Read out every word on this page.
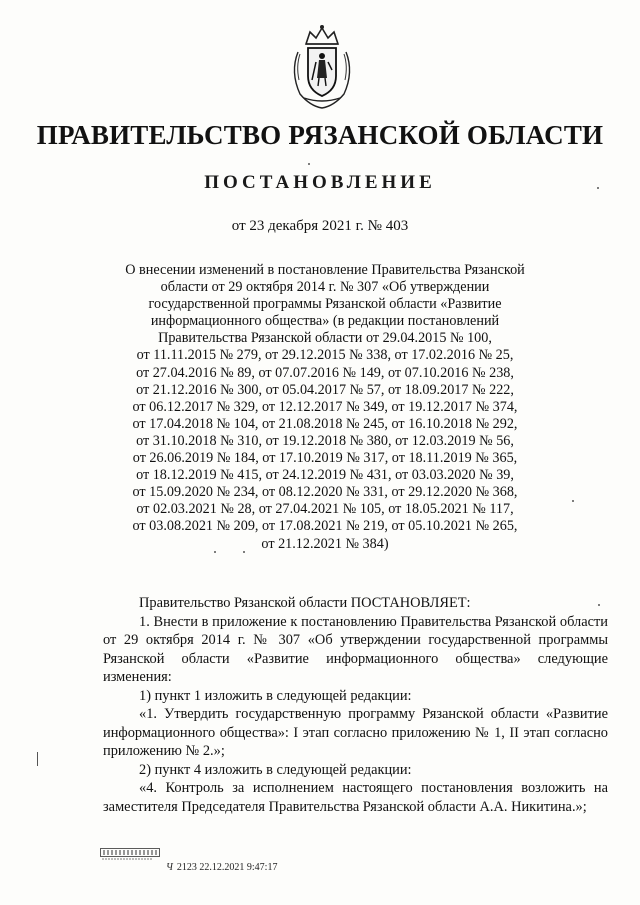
ПРАВИТЕЛЬСТВО РЯЗАНСКОЙ ОБЛАСТИ
ПОСТАНОВЛЕНИЕ
от 23 декабря 2021 г. № 403
О внесении изменений в постановление Правительства Рязанской
области от 29 октября 2014 г. № 307 «Об утверждении
государственной программы Рязанской области «Развитие
информационного общества» (в редакции постановлений
Правительства Рязанской области от 29.04.2015 № 100,
от 11.11.2015 № 279, от 29.12.2015 № 338, от 17.02.2016 № 25,
от 27.04.2016 № 89, от 07.07.2016 № 149, от 07.10.2016 № 238,
от 21.12.2016 № 300, от 05.04.2017 № 57, от 18.09.2017 № 222,
от 06.12.2017 № 329, от 12.12.2017 № 349, от 19.12.2017 № 374,
от 17.04.2018 № 104, от 21.08.2018 № 245, от 16.10.2018 № 292,
от 31.10.2018 № 310, от 19.12.2018 № 380, от 12.03.2019 № 56,
от 26.06.2019 № 184, от 17.10.2019 № 317, от 18.11.2019 № 365,
от 18.12.2019 № 415, от 24.12.2019 № 431, от 03.03.2020 № 39,
от 15.09.2020 № 234, от 08.12.2020 № 331, от 29.12.2020 № 368,
от 02.03.2021 № 28, от 27.04.2021 № 105, от 18.05.2021 № 117,
от 03.08.2021 № 209, от 17.08.2021 № 219, от 05.10.2021 № 265,
от 21.12.2021 № 384)

Правительство Рязанской области ПОСТАНОВЛЯЕТ:

1. Внести в приложение к постановлению Правительства Рязанской области от 29 октября 2014 г. № 307 «Об утверждении государственной программы Рязанской области «Развитие информационного общества» следующие изменения:

1) пункт 1 изложить в следующей редакции:

«1. Утвердить государственную программу Рязанской области «Развитие информационного общества»: I этап согласно приложению № 1, II этап согласно приложению № 2.»;

2) пункт 4 изложить в следующей редакции:

«4. Контроль за исполнением настоящего постановления возложить на заместителя Председателя Правительства Рязанской области А.А. Никитина.»;

Ч 2123 22.12.2021 9:47:17
